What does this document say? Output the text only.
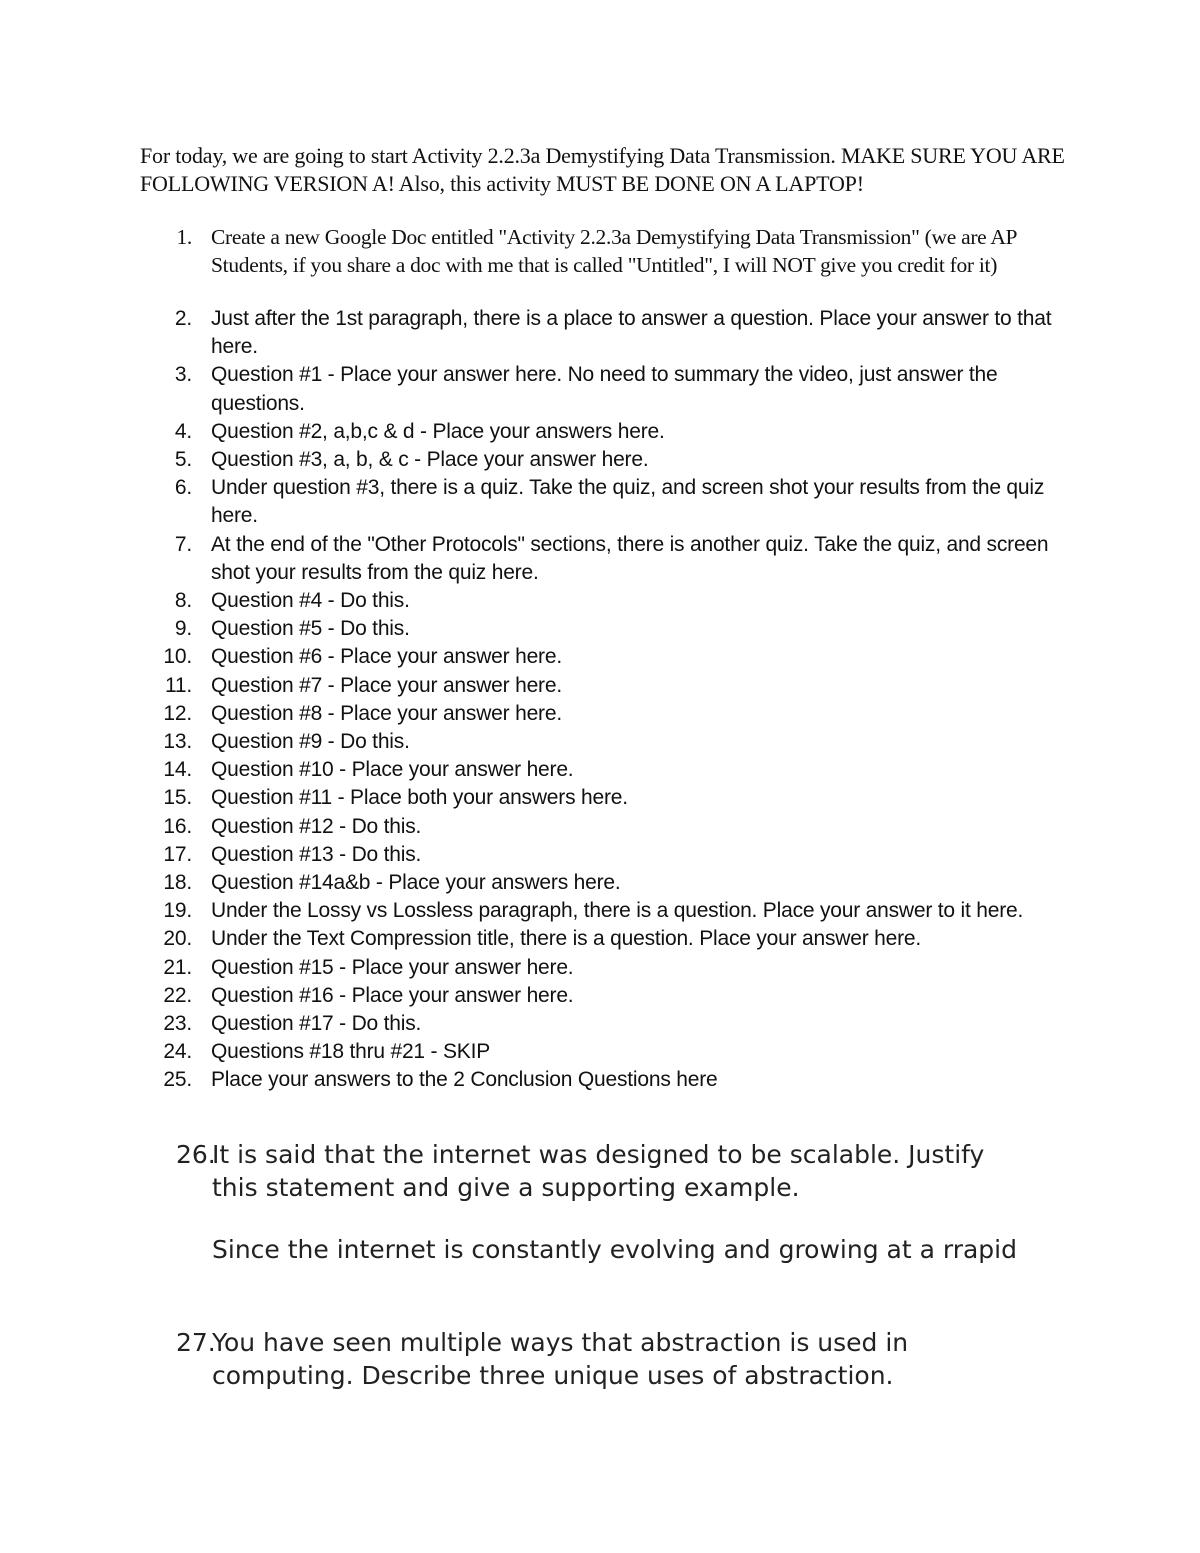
For today, we are going to start Activity 2.2.3a Demystifying Data Transmission. MAKE SURE YOU ARE FOLLOWING VERSION A! Also, this activity MUST BE DONE ON A LAPTOP!

1. Create a new Google Doc entitled "Activity 2.2.3a Demystifying Data Transmission" (we are AP Students, if you share a doc with me that is called "Untitled", I will NOT give you credit for it)
2. Just after the 1st paragraph, there is a place to answer a question. Place your answer to that here.
3. Question #1 - Place your answer here. No need to summary the video, just answer the questions.
4. Question #2, a,b,c & d - Place your answers here.
5. Question #3, a, b, & c - Place your answer here.
6. Under question #3, there is a quiz. Take the quiz, and screen shot your results from the quiz here.
7. At the end of the "Other Protocols" sections, there is another quiz. Take the quiz, and screen shot your results from the quiz here.
8. Question #4 - Do this.
9. Question #5 - Do this.
10. Question #6 - Place your answer here.
11. Question #7 - Place your answer here.
12. Question #8 - Place your answer here.
13. Question #9 - Do this.
14. Question #10 - Place your answer here.
15. Question #11 - Place both your answers here.
16. Question #12 - Do this.
17. Question #13 - Do this.
18. Question #14a&b - Place your answers here.
19. Under the Lossy vs Lossless paragraph, there is a question. Place your answer to it here.
20. Under the Text Compression title, there is a question. Place your answer here.
21. Question #15 - Place your answer here.
22. Question #16 - Place your answer here.
23. Question #17 - Do this.
24. Questions #18 thru #21 - SKIP
25. Place your answers to the 2 Conclusion Questions here
26.
It is said that the internet was designed to be scalable. Justify this statement and give a supporting example.
Since the internet is constantly evolving and growing at a rrapid
27.
You have seen multiple ways that abstraction is used in computing. Describe three unique uses of abstraction.
